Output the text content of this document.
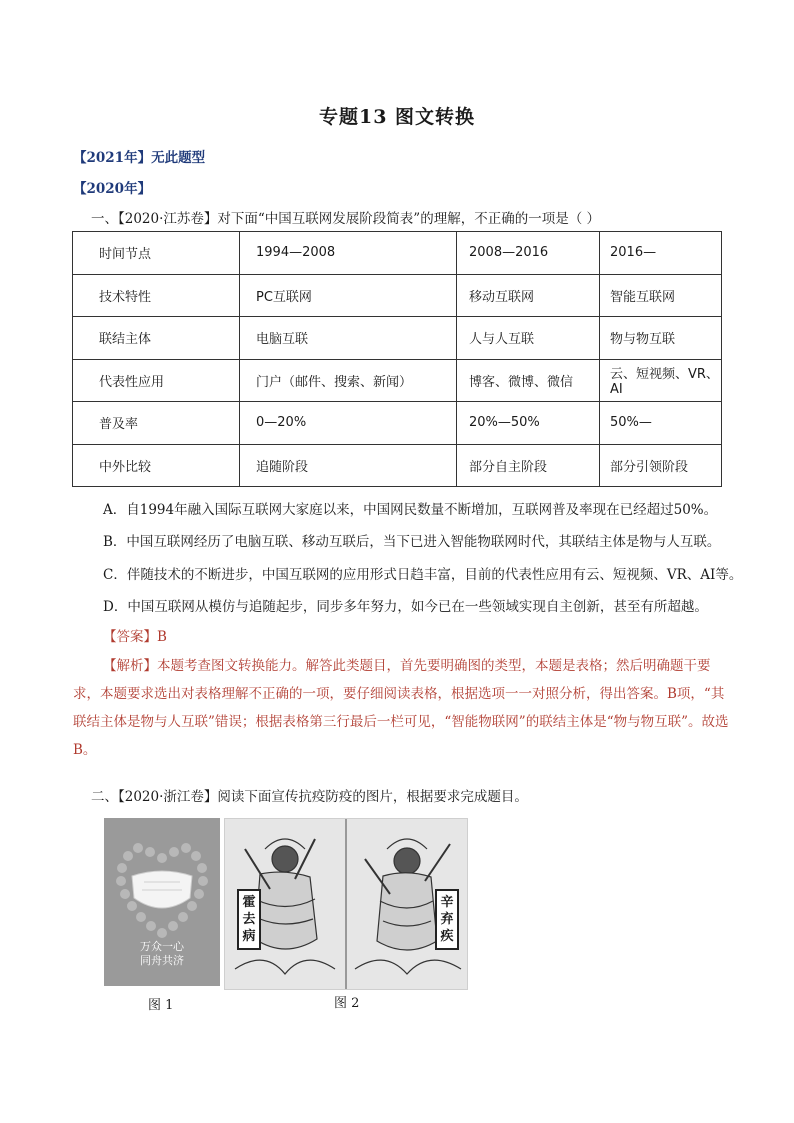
专题13 图文转换
【2021年】无此题型
【2020年】
一、【2020·江苏卷】对下面“中国互联网发展阶段简表”的理解，不正确的一项是（ ）
时间节点	1994—2008	2008—2016	2016—
技术特性	PC互联网	移动互联网	智能互联网
联结主体	电脑互联	人与人互联	物与物互联
代表性应用	门户（邮件、搜索、新闻）	博客、微博、微信	云、短视频、VR、AI
普及率	0—20%	20%—50%	50%—
中外比较	追随阶段	部分自主阶段	部分引领阶段
A．自1994年融入国际互联网大家庭以来，中国网民数量不断增加，互联网普及率现在已经超过50%。
B．中国互联网经历了电脑互联、移动互联后，当下已进入智能物联网时代，其联结主体是物与人互联。
C．伴随技术的不断进步，中国互联网的应用形式日趋丰富，目前的代表性应用有云、短视频、VR、AI等。
D．中国互联网从模仿与追随起步，同步多年努力，如今已在一些领域实现自主创新，甚至有所超越。
【答案】B
【解析】本题考查图文转换能力。解答此类题目，首先要明确图的类型，本题是表格；然后明确题干要求，本题要求选出对表格理解不正确的一项，要仔细阅读表格，根据选项一一对照分析，得出答案。B项，“其联结主体是物与人互联”错误；根据表格第三行最后一栏可见，“智能物联网”的联结主体是“物与物互联”。故选B。
二、【2020·浙江卷】阅读下面宣传抗疫防疫的图片，根据要求完成题目。
万众一心
同舟共济
霍去病
辛弃疾
图 1	图 2
